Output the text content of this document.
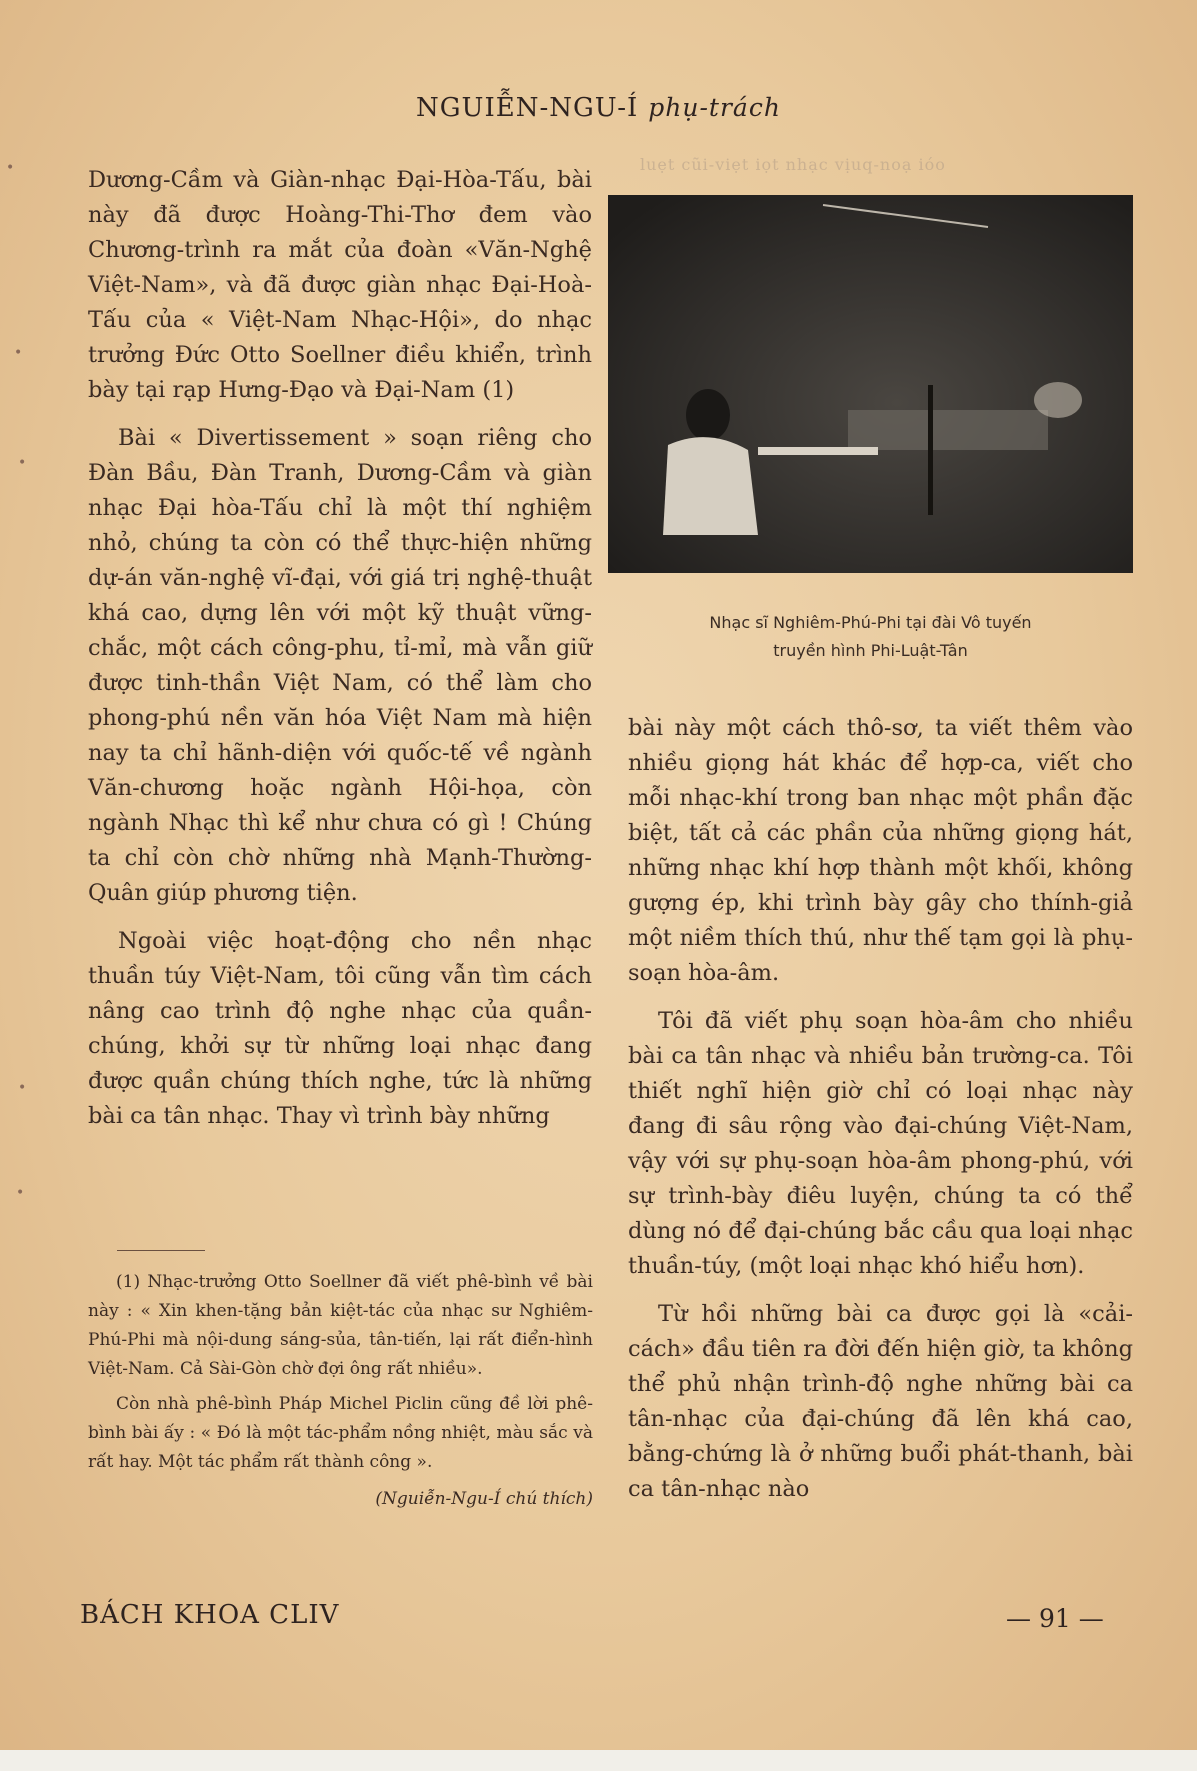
NGUIỄN-NGU-Í phụ-trách
luẹt cũi-viẹt iọt nhạc vịuq-noạ ióo

Dương-Cầm và Giàn-nhạc Đại-Hòa-Tấu, bài này đã được Hoàng-Thi-Thơ đem vào Chương-trình ra mắt của đoàn «Văn-Nghệ Việt-Nam», và đã được giàn nhạc Đại-Hoà-Tấu của « Việt-Nam Nhạc-Hội», do nhạc trưởng Đức Otto Soellner điều khiển, trình bày tại rạp Hưng-Đạo và Đại-Nam (1)

Bài « Divertissement » soạn riêng cho Đàn Bầu, Đàn Tranh, Dương-Cầm và giàn nhạc Đại hòa-Tấu chỉ là một thí nghiệm nhỏ, chúng ta còn có thể thực-hiện những dự-án văn-nghệ vĩ-đại, với giá trị nghệ-thuật khá cao, dựng lên với một kỹ thuật vững-chắc, một cách công-phu, tỉ-mỉ, mà vẫn giữ được tinh-thần Việt Nam, có thể làm cho phong-phú nền văn hóa Việt Nam mà hiện nay ta chỉ hãnh-diện với quốc-tế về ngành Văn-chương hoặc ngành Hội-họa, còn ngành Nhạc thì kể như chưa có gì ! Chúng ta chỉ còn chờ những nhà Mạnh-Thường-Quân giúp phương tiện.

Ngoài việc hoạt-động cho nền nhạc thuần túy Việt-Nam, tôi cũng vẫn tìm cách nâng cao trình độ nghe nhạc của quần-chúng, khởi sự từ những loại nhạc đang được quần chúng thích nghe, tức là những bài ca tân nhạc. Thay vì trình bày những

Nhạc sĩ Nghiêm-Phú-Phi tại đài Vô tuyến
truyền hình Phi-Luật-Tân

bài này một cách thô-sơ, ta viết thêm vào nhiều giọng hát khác để hợp-ca, viết cho mỗi nhạc-khí trong ban nhạc một phần đặc biệt, tất cả các phần của những giọng hát, những nhạc khí hợp thành một khối, không gượng ép, khi trình bày gây cho thính-giả một niềm thích thú, như thế tạm gọi là phụ-soạn hòa-âm.

Tôi đã viết phụ soạn hòa-âm cho nhiều bài ca tân nhạc và nhiều bản trường-ca. Tôi thiết nghĩ hiện giờ chỉ có loại nhạc này đang đi sâu rộng vào đại-chúng Việt-Nam, vậy với sự phụ-soạn hòa-âm phong-phú, với sự trình-bày điêu luyện, chúng ta có thể dùng nó để đại-chúng bắc cầu qua loại nhạc thuần-túy, (một loại nhạc khó hiểu hơn).

Từ hồi những bài ca được gọi là «cải-cách» đầu tiên ra đời đến hiện giờ, ta không thể phủ nhận trình-độ nghe những bài ca tân-nhạc của đại-chúng đã lên khá cao, bằng-chứng là ở những buổi phát-thanh, bài ca tân-nhạc nào

(1) Nhạc-trưởng Otto Soellner đã viết phê-bình về bài này : « Xin khen-tặng bản kiệt-tác của nhạc sư Nghiêm-Phú-Phi mà nội-dung sáng-sủa, tân-tiến, lại rất điển-hình Việt-Nam. Cả Sài-Gòn chờ đợi ông rất nhiều».

Còn nhà phê-bình Pháp Michel Piclin cũng đề lời phê-bình bài ấy : « Đó là một tác-phẩm nồng nhiệt, màu sắc và rất hay. Một tác phẩm rất thành công ».

(Nguiễn-Ngu-Í chú thích)
BÁCH KHOA CLIV	— 91 —
•
•
•
•
•
